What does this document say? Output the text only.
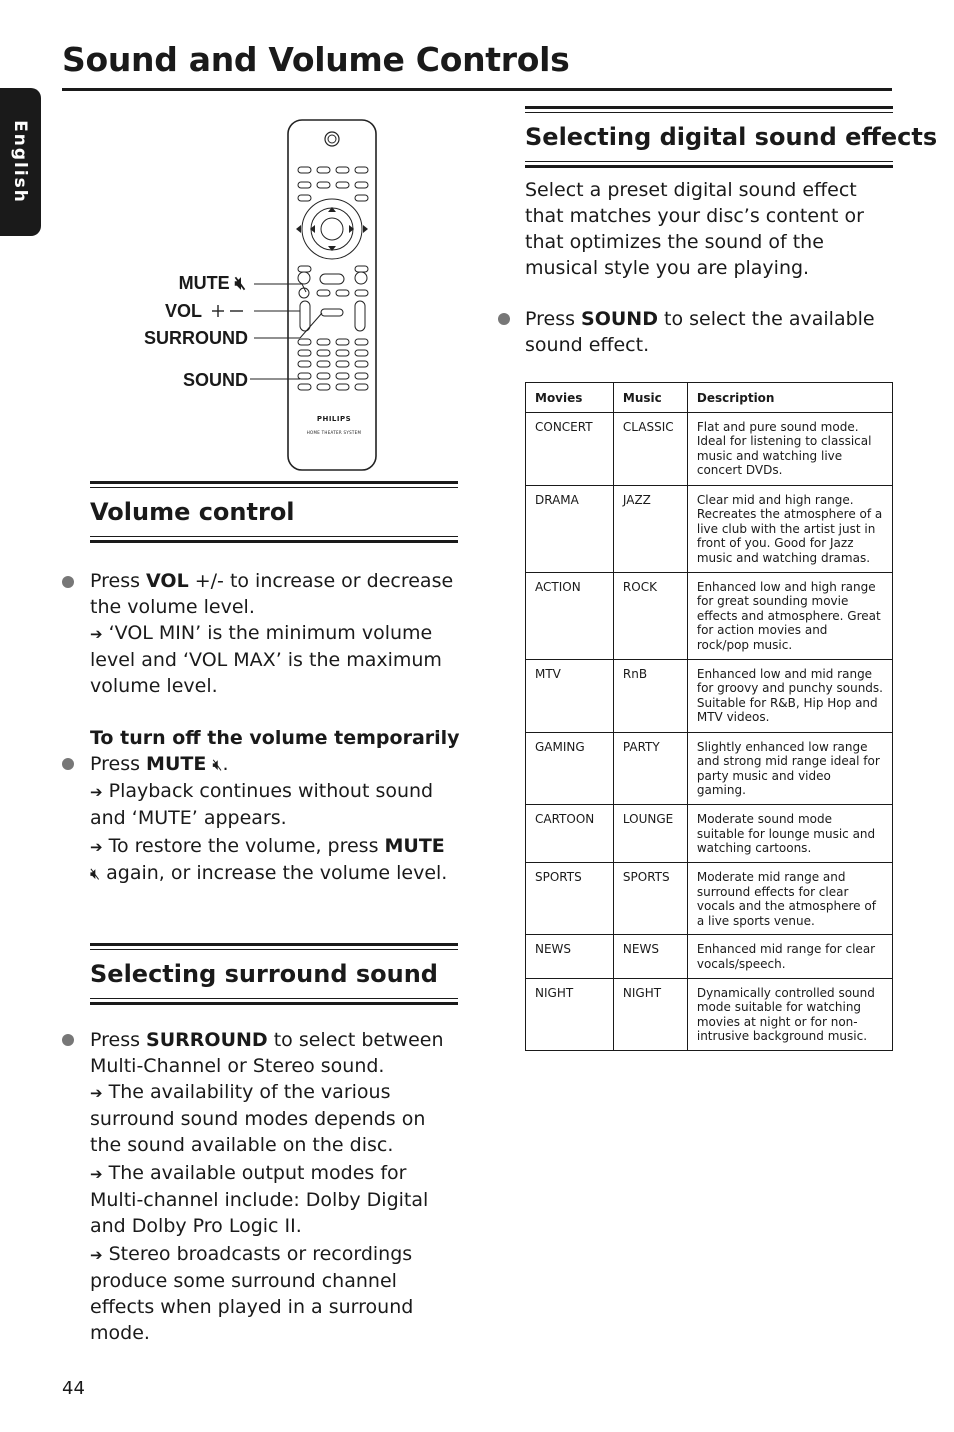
Sound and Volume Controls
English
MUTE 🔇︎
VOL
SURROUND
SOUND
PHILIPS
HOME THEATER SYSTEM
Volume control

Press VOL +/- to increase or decrease the volume level.

➔ ‘VOL MIN’ is the minimum volume level and ‘VOL MAX’ is the maximum volume level.

To turn off the volume temporarily

Press MUTE 🔇︎.

➔ Playback continues without sound and ‘MUTE’ appears.

➔ To restore the volume, press MUTE 🔇︎ again, or increase the volume level.

Selecting surround sound

Press SURROUND to select between Multi-Channel or Stereo sound.

➔ The availability of the various surround sound modes depends on the sound available on the disc.

➔ The available output modes for Multi-channel include: Dolby Digital and Dolby Pro Logic II.

➔ Stereo broadcasts or recordings produce some surround channel effects when played in a surround mode.

Selecting digital sound effects
Select a preset digital sound effect that matches your disc’s content or that optimizes the sound of the musical style you are playing.

Press SOUND to select the available sound effect.

Movies	Music	Description
CONCERT	CLASSIC	Flat and pure sound mode. Ideal for listening to classical music and watching live concert DVDs.
DRAMA	JAZZ	Clear mid and high range. Recreates the atmosphere of a live club with the artist just in front of you. Good for Jazz music and watching dramas.
ACTION	ROCK	Enhanced low and high range for great sounding movie effects and atmosphere. Great for action movies and rock/pop music.
MTV	RnB	Enhanced low and mid range for groovy and punchy sounds. Suitable for R&B, Hip Hop and MTV videos.
GAMING	PARTY	Slightly enhanced low range and strong mid range ideal for party music and video gaming.
CARTOON	LOUNGE	Moderate sound mode suitable for lounge music and watching cartoons.
SPORTS	SPORTS	Moderate mid range and surround effects for clear vocals and the atmosphere of a live sports venue.
NEWS	NEWS	Enhanced mid range for clear vocals/speech.
NIGHT	NIGHT	Dynamically controlled sound mode suitable for watching movies at night or for non-intrusive background music.
44
